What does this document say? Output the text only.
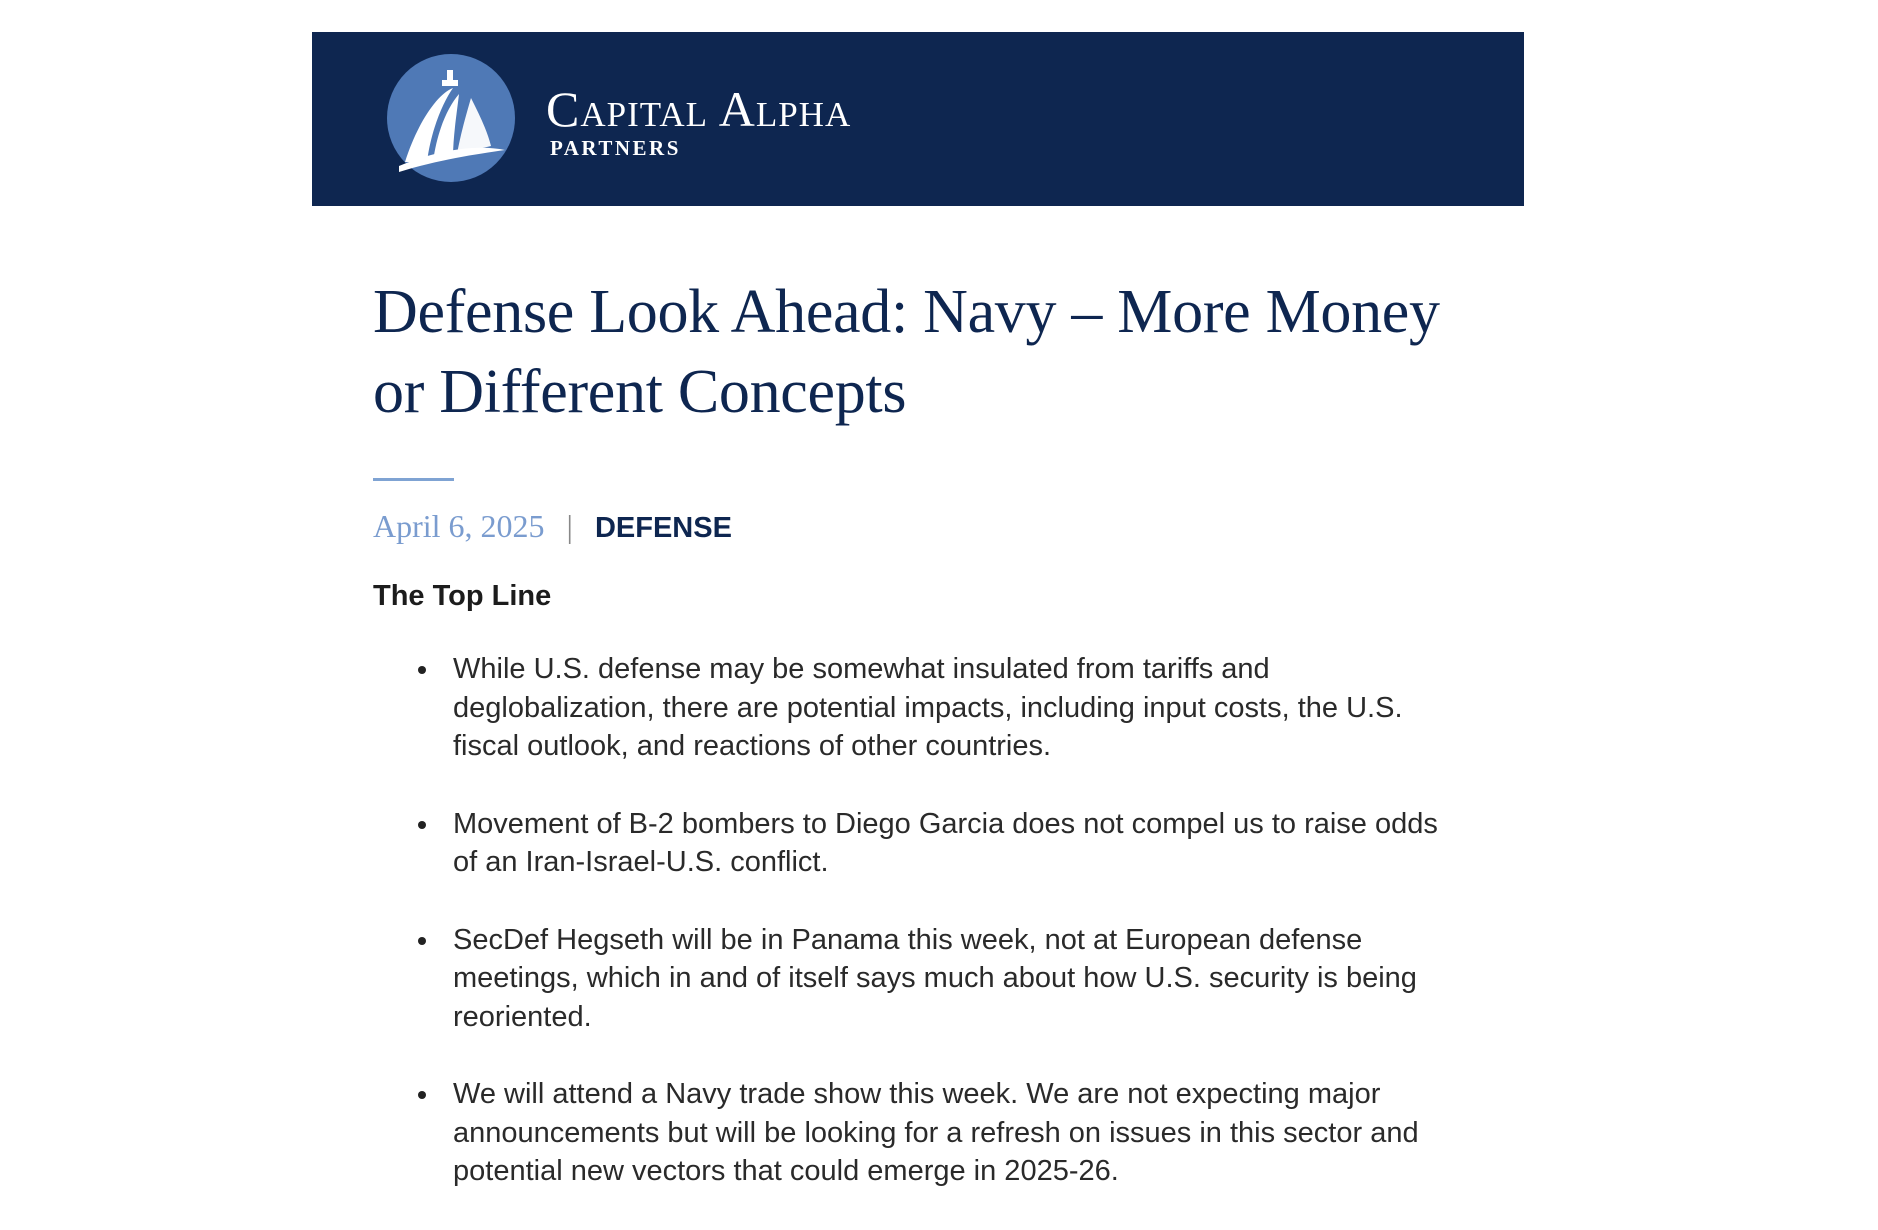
Capital Alpha
PARTNERS
Defense Look Ahead: Navy – More Money or Different Concepts
April 6, 2025 | DEFENSE
The Top Line
While U.S. defense may be somewhat insulated from tariffs and deglobalization, there are potential impacts, including input costs, the U.S. fiscal outlook, and reactions of other countries.
Movement of B-2 bombers to Diego Garcia does not compel us to raise odds of an Iran-Israel-U.S. conflict.
SecDef Hegseth will be in Panama this week, not at European defense meetings, which in and of itself says much about how U.S. security is being reoriented.
We will attend a Navy trade show this week. We are not expecting major announcements but will be looking for a refresh on issues in this sector and potential new vectors that could emerge in 2025-26.
